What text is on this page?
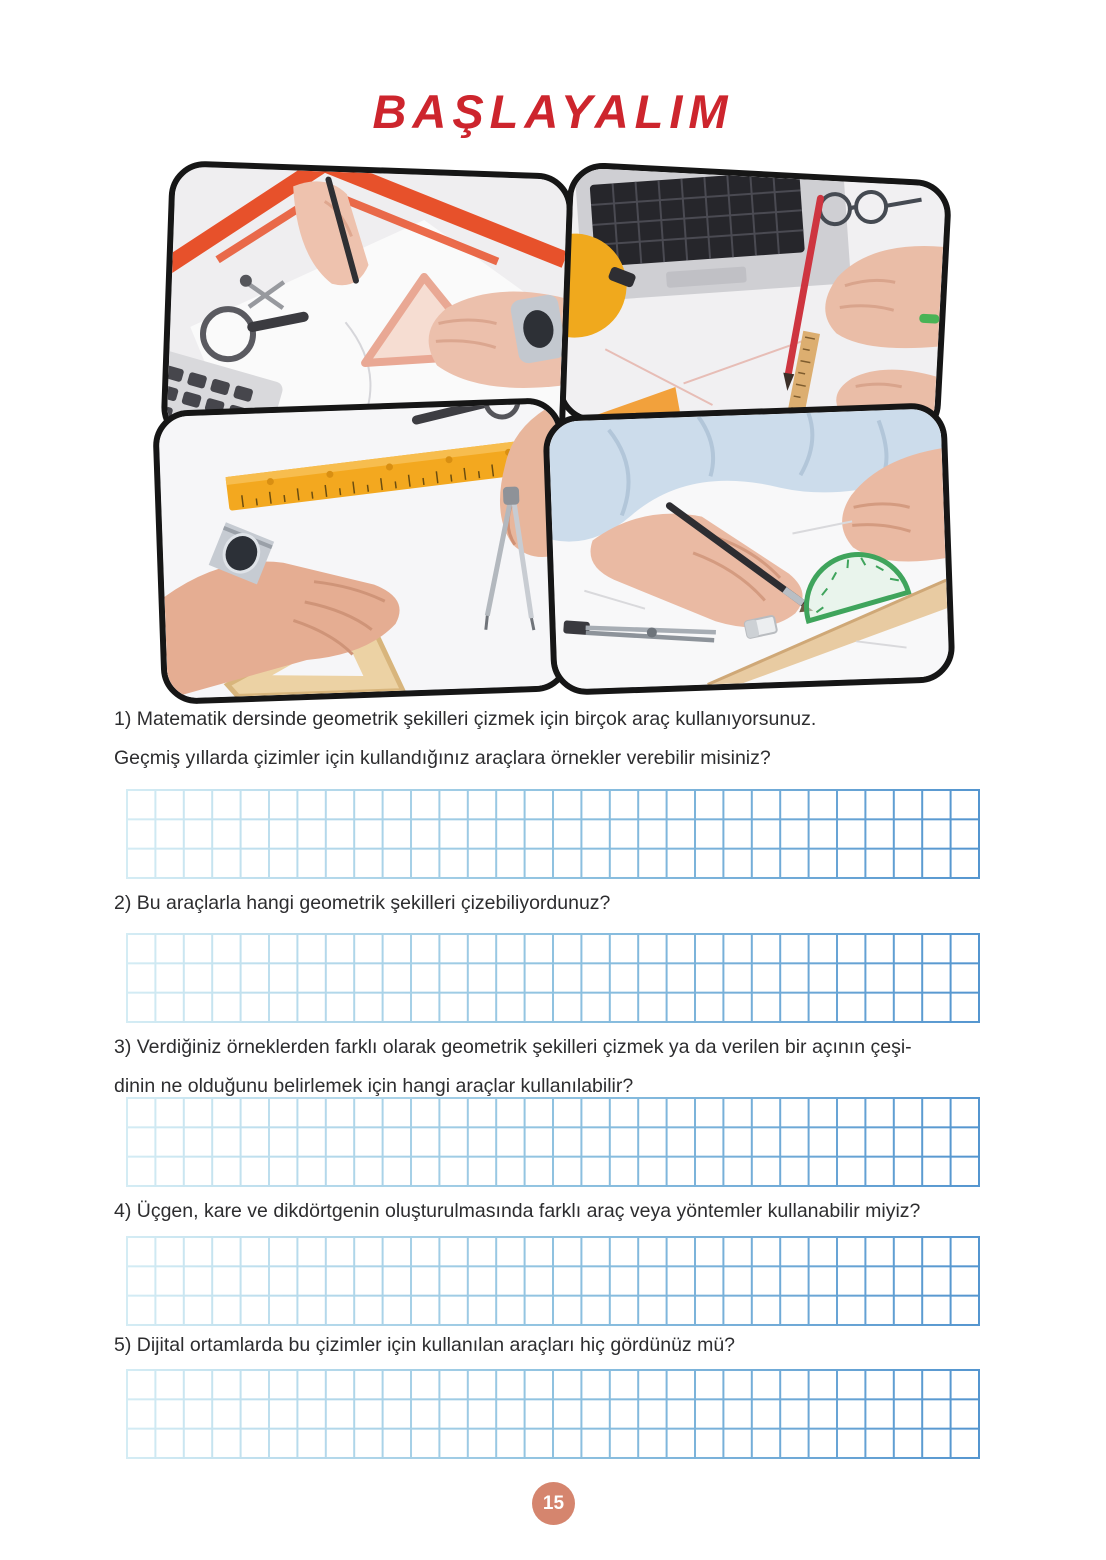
BAŞLAYALIM
1) Matematik dersinde geometrik şekilleri çizmek için birçok araç kullanıyorsunuz.
Geçmiş yıllarda çizimler için kullandığınız araçlara örnekler verebilir misiniz?
2) Bu araçlarla hangi geometrik şekilleri çizebiliyordunuz?
3) Verdiğiniz örneklerden farklı olarak geometrik şekilleri çizmek ya da verilen bir açının çeşi-
dinin ne olduğunu belirlemek için hangi araçlar kullanılabilir?
4) Üçgen, kare ve dikdörtgenin oluşturulmasında farklı araç veya yöntemler kullanabilir miyiz?
5) Dijital ortamlarda bu çizimler için kullanılan araçları hiç gördünüz mü?
15
